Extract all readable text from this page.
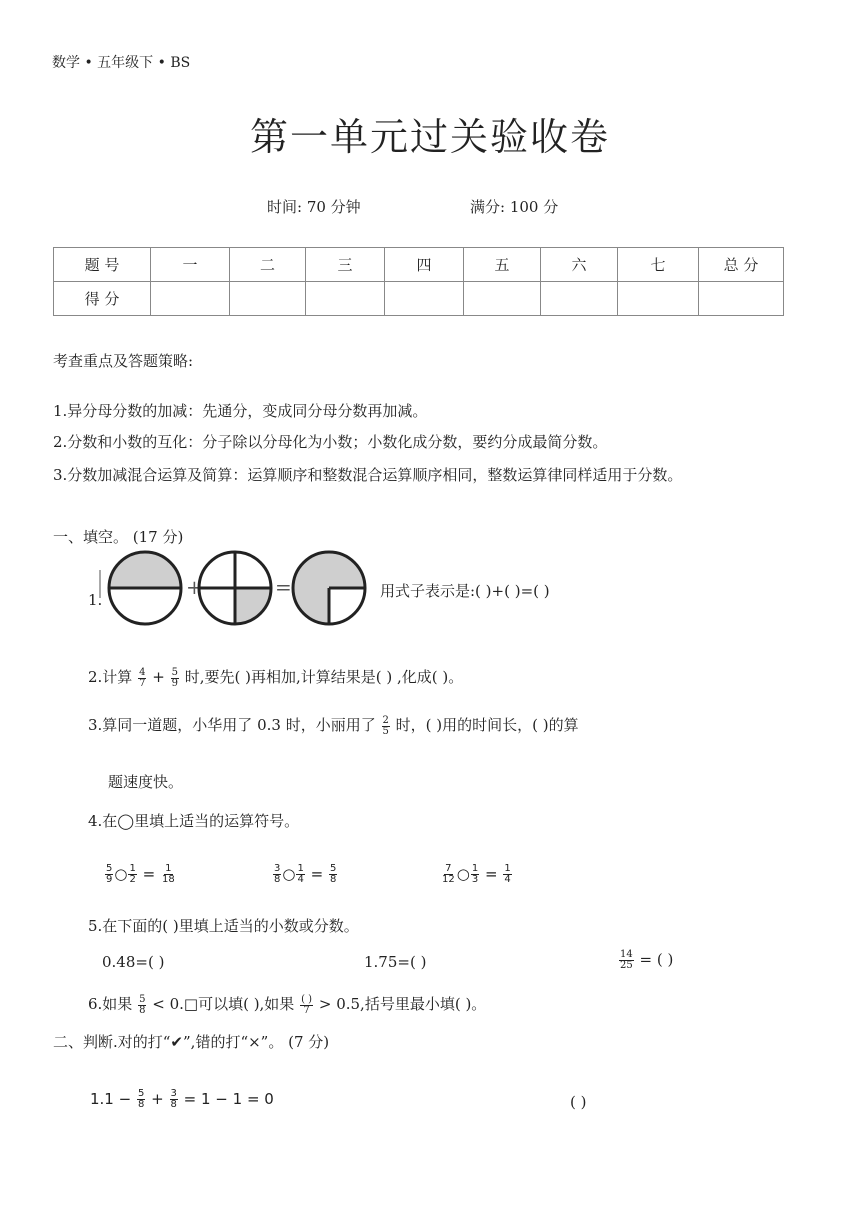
数学 • 五年级下 • BS
第一单元过关验收卷
时间: 70 分钟	满分: 100 分
题 号	一	二	三	四	五	六	七	总 分
得 分								
考查重点及答题策略:
1.异分母分数的加减：先通分，变成同分母分数再加减。
2.分数和小数的互化：分子除以分母化为小数；小数化成分数，要约分成最简分数。
3.分数加减混合运算及简算：运算顺序和整数混合运算顺序相同，整数运算律同样适用于分数。
一、填空。 (17 分)
1.
+	=	用式子表示是:( )+( )=( )
2.计算 $\frac{4}{7} + \frac{5}{9}$ 时,要先( )再相加,计算结果是( ) ,化成( )。
3.算同一道题，小华用了 0.3 时，小丽用了 $\frac{2}{5}$ 时，( )用的时间长，( )的算
题速度快。
4.在◯里填上适当的运算符号。
$\frac{5}{9}$ ○ $\frac{1}{2} = \frac{1}{18}$	$\frac{3}{8}$ ○ $\frac{1}{4} = \frac{5}{8}$	$\frac{7}{12}$ ○ $\frac{1}{3} = \frac{1}{4}$
5.在下面的( )里填上适当的小数或分数。
0.48=( )	1.75=( )	$\frac{14}{25}$ = ( )
6.如果 $\frac{5}{8}$ < 0.□可以填( ),如果 $\frac{( )}{7} > 0.5$,括号里最小填( )。
二、判断.对的打“✔”,错的打“×”。 (7 分)
$1.1 - \frac{5}{8} + \frac{3}{8} = 1 - 1 = 0$	( )
